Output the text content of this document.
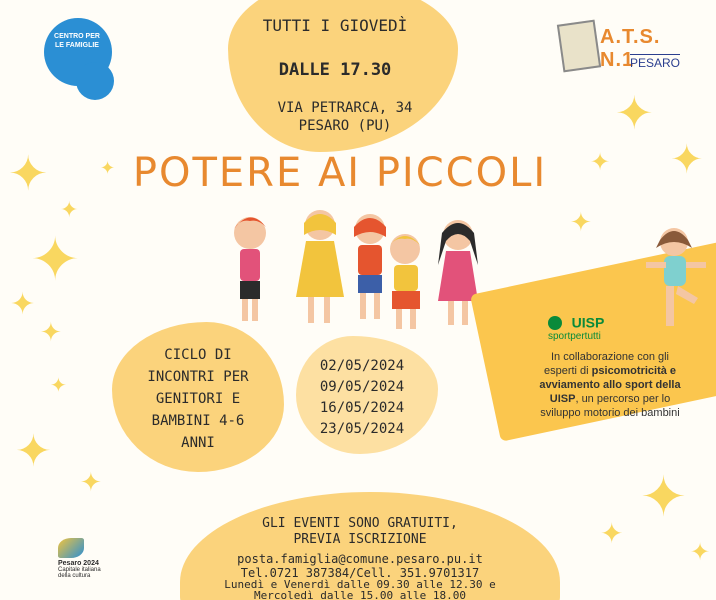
✦
✦
✦
✦
✦
✦
✦
✦
✦
✦
✦
✦
✦
✦
✦
✦
TUTTI I GIOVEDÌ
DALLE 17.30
VIA PETRARCA, 34
PESARO (PU)
CENTRO PER LE FAMIGLIE	A.T.S. N.1
PESARO
POTERE AI PICCOLI
CICLO DI
INCONTRI PER
GENITORI E
BAMBINI 4-6
ANNI
02/05/2024
09/05/2024
16/05/2024
23/05/2024
UISP
sportpertutti
In collaborazione con gli esperti di psicomotricità e avviamento allo sport della UISP, un percorso per lo sviluppo motorio dei bambini
GLI EVENTI SONO GRATUITI,
PREVIA ISCRIZIONE
posta.famiglia@comune.pesaro.pu.it
Tel.0721 387384/Cell. 351.9701317
Lunedì e Venerdì dalle 09.30 alle 12.30 e
Mercoledì dalle 15.00 alle 18.00
Pesaro 2024
Capitale italiana
della cultura
